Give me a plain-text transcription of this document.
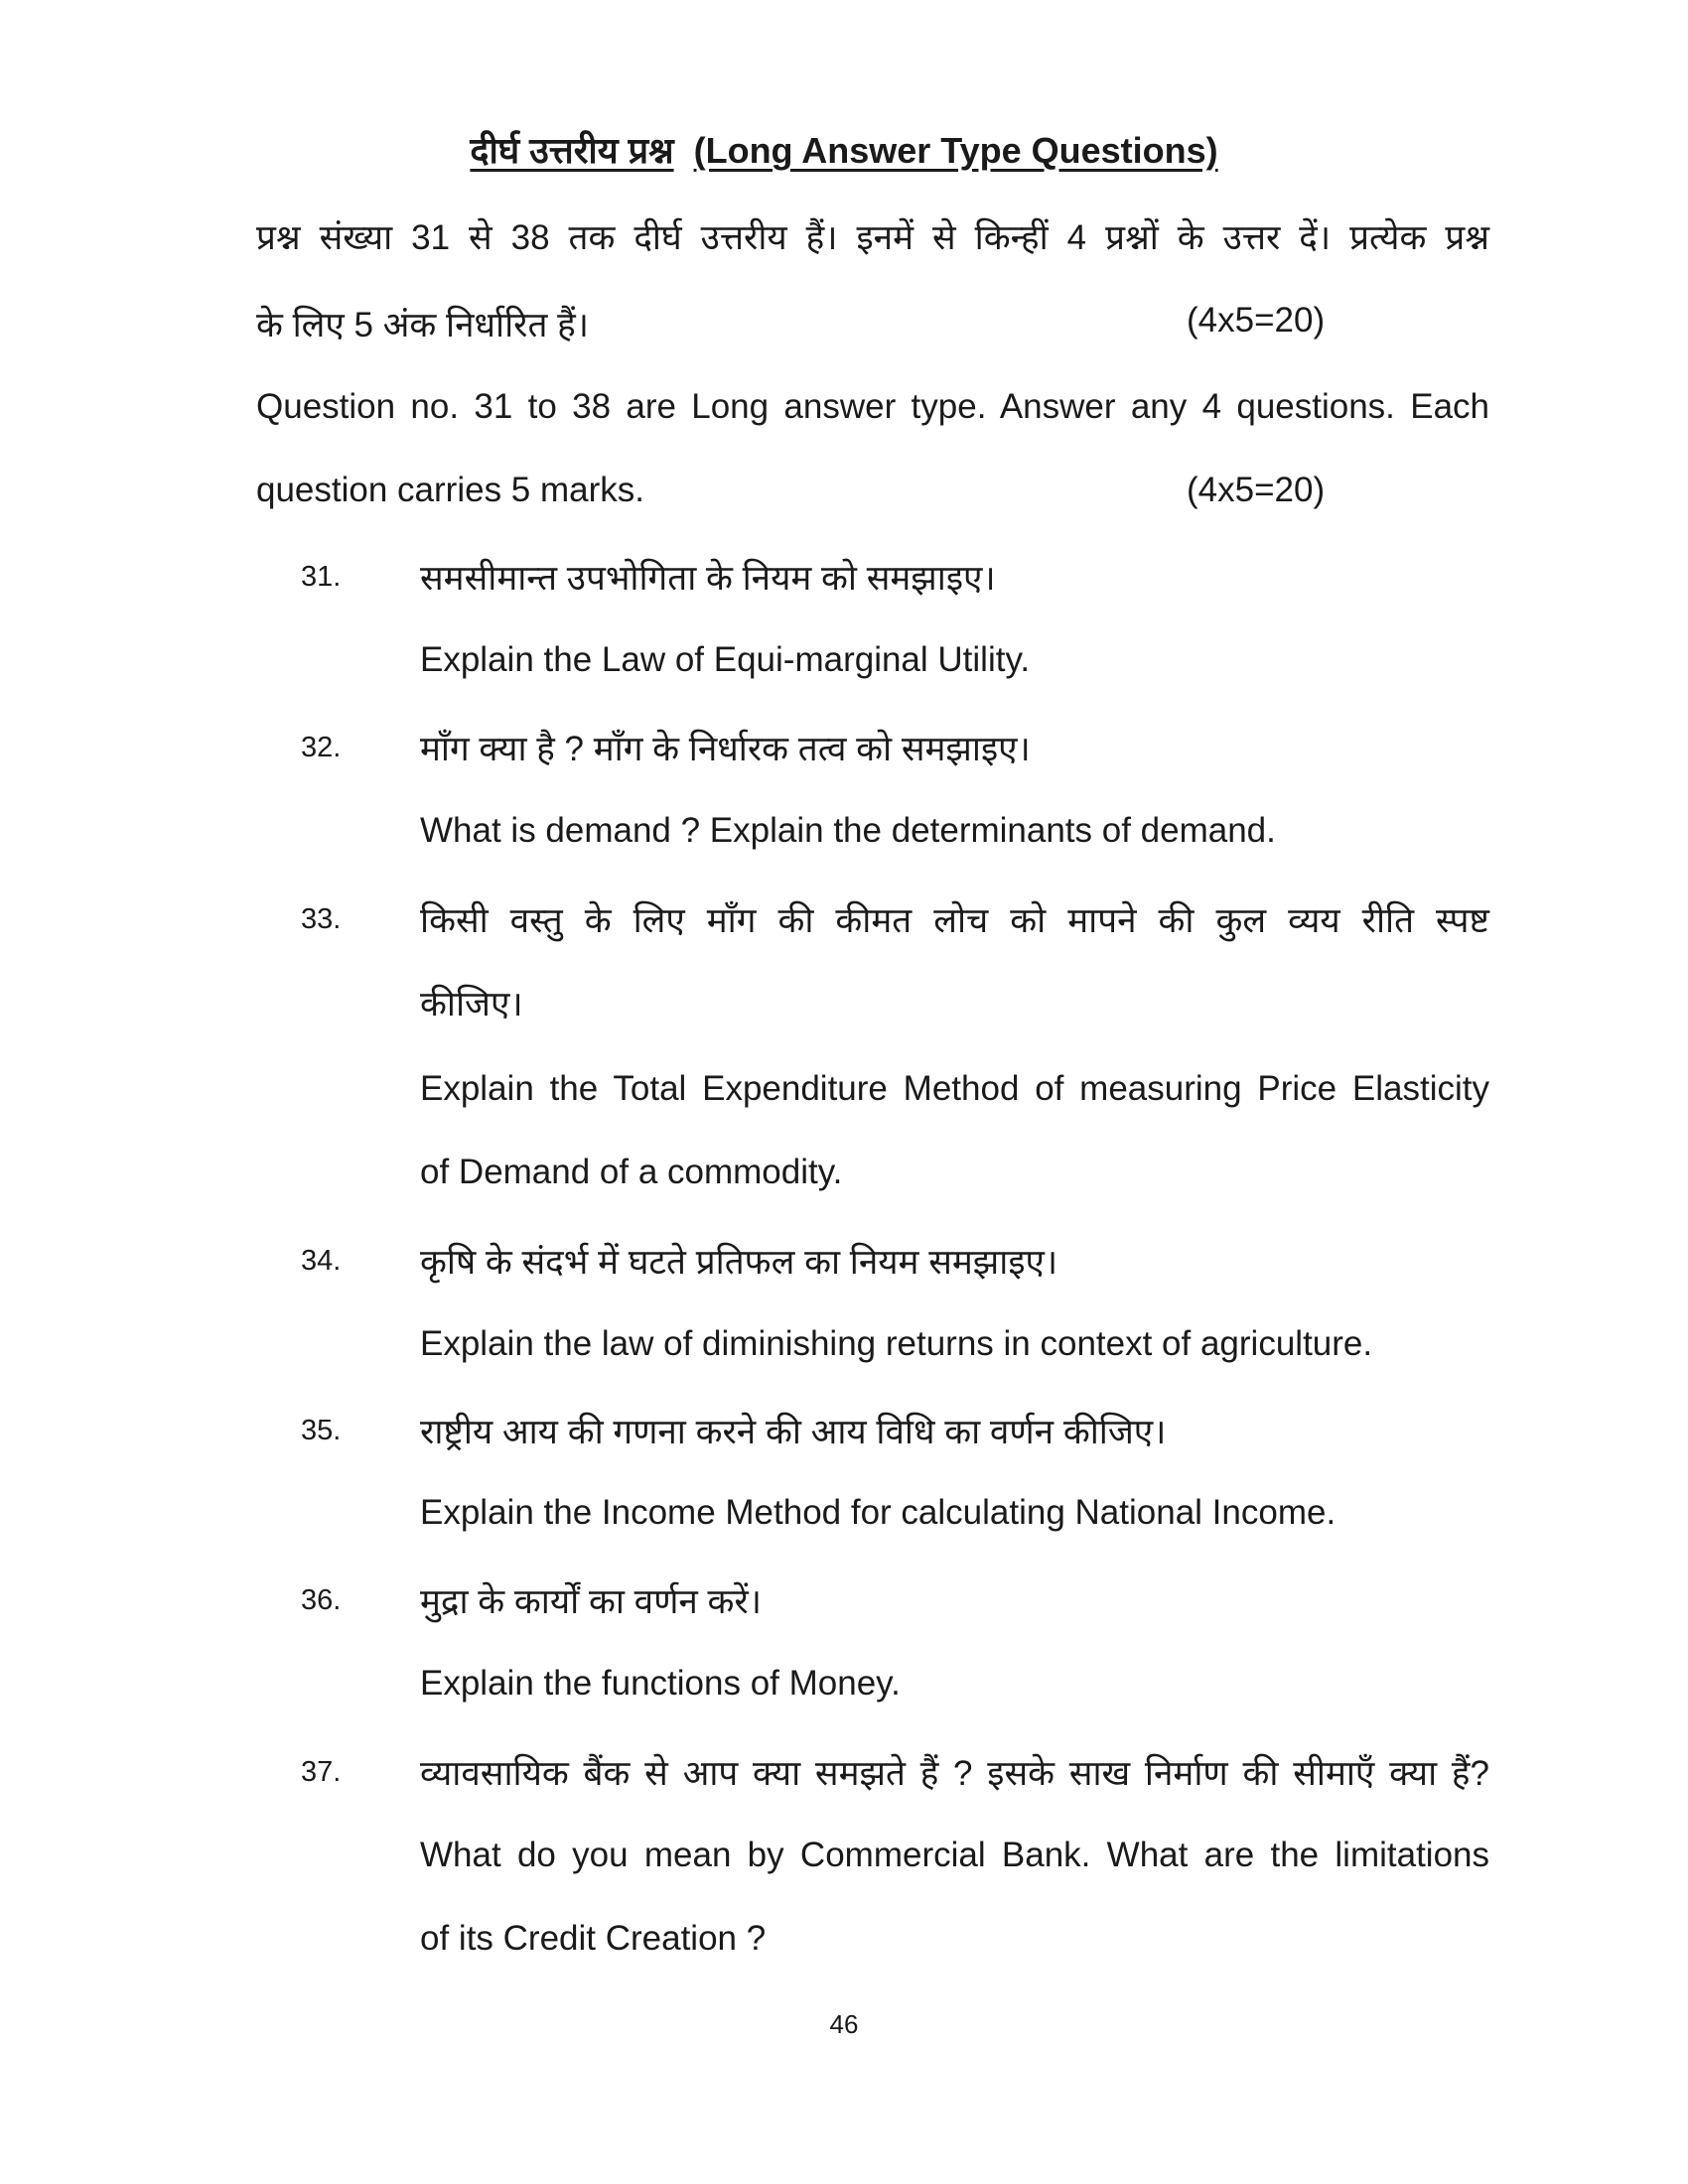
दीर्घ उत्तरीय प्रश्न (Long Answer Type Questions)
प्रश्न संख्या 31 से 38 तक दीर्घ उत्तरीय हैं। इनमें से किन्हीं 4 प्रश्नों के उत्तर दें। प्रत्येक प्रश्न
के लिए 5 अंक निर्धारित हैं।	(4x5=20)
Question no. 31 to 38 are Long answer type. Answer any 4 questions. Each
question carries 5 marks.	(4x5=20)
31. समसीमान्त उपभोगिता के नियम को समझाइए।
Explain the Law of Equi-marginal Utility.
32. माँग क्या है ? माँग के निर्धारक तत्व को समझाइए।
What is demand ? Explain the determinants of demand.
33. किसी वस्तु के लिए माँग की कीमत लोच को मापने की कुल व्यय रीति स्पष्ट
कीजिए।
Explain the Total Expenditure Method of measuring Price Elasticity
of Demand of a commodity.
34. कृषि के संदर्भ में घटते प्रतिफल का नियम समझाइए।
Explain the law of diminishing returns in context of agriculture.
35. राष्ट्रीय आय की गणना करने की आय विधि का वर्णन कीजिए।
Explain the Income Method for calculating National Income.
36. मुद्रा के कार्यों का वर्णन करें।
Explain the functions of Money.
37. व्यावसायिक बैंक से आप क्या समझते हैं ? इसके साख निर्माण की सीमाएँ क्या हैं?
What do you mean by Commercial Bank. What are the limitations
of its Credit Creation ?
46
